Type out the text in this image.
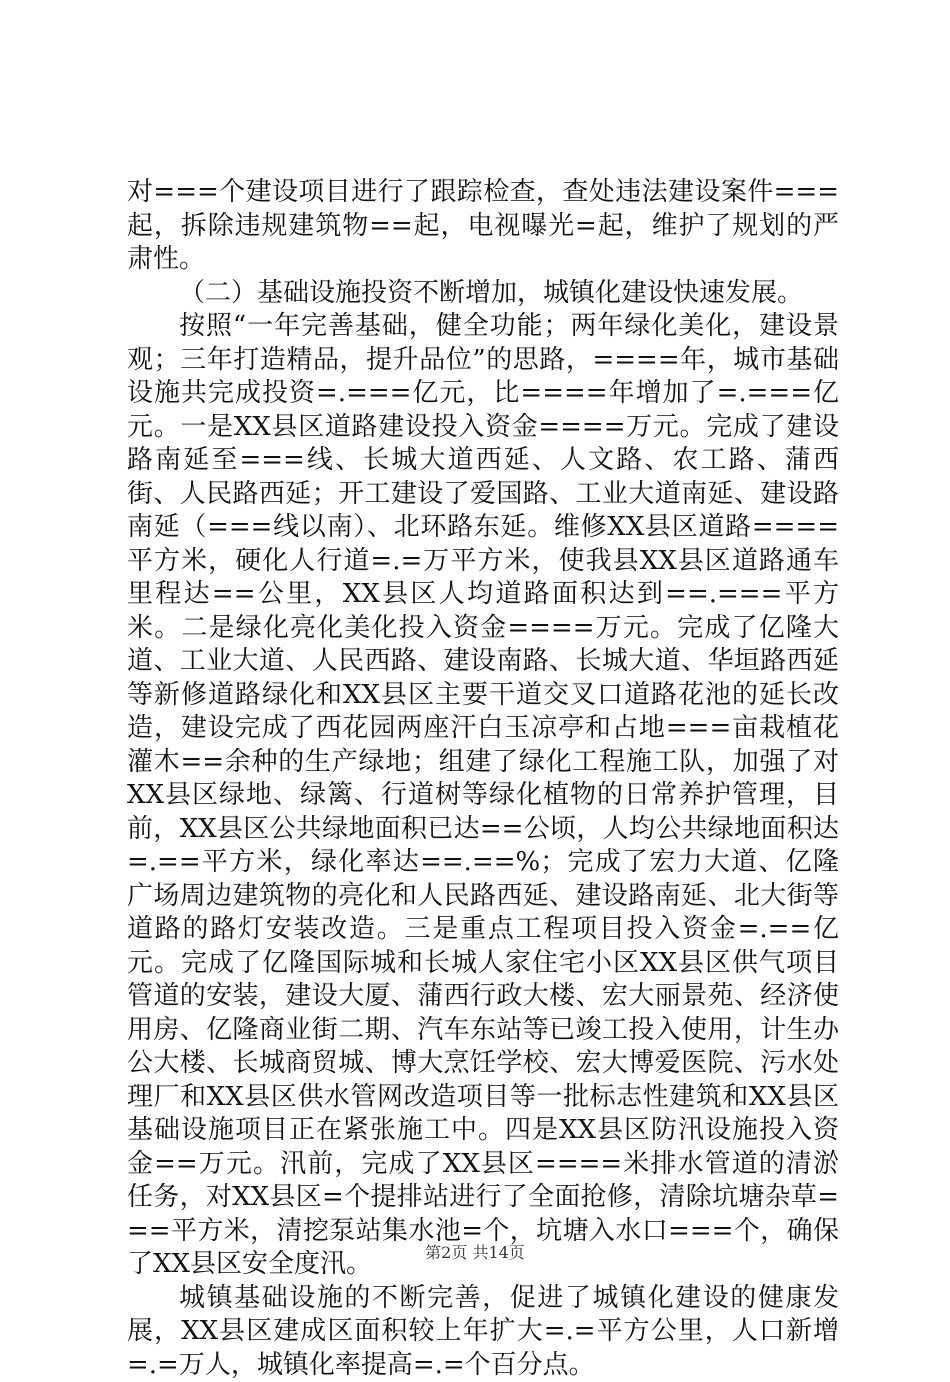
对===个建设项目进行了跟踪检查，查处违法建设案件===起，拆除违规建筑物==起，电视曝光=起，维护了规划的严肃性。

（二）基础设施投资不断增加，城镇化建设快速发展。

按照“一年完善基础，健全功能；两年绿化美化，建设景观；三年打造精品，提升品位”的思路，====年，城市基础设施共完成投资=.===亿元，比====年增加了=.===亿元。一是XX县区道路建设投入资金====万元。完成了建设路南延至===线、长城大道西延、人文路、农工路、蒲西街、人民路西延；开工建设了爱国路、工业大道南延、建设路南延（===线以南）、北环路东延。维修XX县区道路====平方米，硬化人行道=.=万平方米，使我县XX县区道路通车里程达==公里，XX县区人均道路面积达到==.===平方米。二是绿化亮化美化投入资金====万元。完成了亿隆大道、工业大道、人民西路、建设南路、长城大道、华垣路西延等新修道路绿化和XX县区主要干道交叉口道路花池的延长改造，建设完成了西花园两座汗白玉凉亭和占地===亩栽植花灌木==余种的生产绿地；组建了绿化工程施工队，加强了对XX县区绿地、绿篱、行道树等绿化植物的日常养护管理，目前，XX县区公共绿地面积已达==公顷，人均公共绿地面积达=.==平方米，绿化率达==.==%；完成了宏力大道、亿隆广场周边建筑物的亮化和人民路西延、建设路南延、北大街等道路的路灯安装改造。三是重点工程项目投入资金=.==亿元。完成了亿隆国际城和长城人家住宅小区XX县区供气项目管道的安装，建设大厦、蒲西行政大楼、宏大丽景苑、经济使用房、亿隆商业街二期、汽车东站等已竣工投入使用，计生办公大楼、长城商贸城、博大烹饪学校、宏大博爱医院、污水处理厂和XX县区供水管网改造项目等一批标志性建筑和XX县区基础设施项目正在紧张施工中。四是XX县区防汛设施投入资金==万元。汛前，完成了XX县区====米排水管道的清淤任务，对XX县区=个提排站进行了全面抢修，清除坑塘杂草===平方米，清挖泵站集水池=个，坑塘入水口===个，确保了XX县区安全度汛。

城镇基础设施的不断完善，促进了城镇化建设的健康发展，XX县区建成区面积较上年扩大=.=平方公里，人口新增=.=万人，城镇化率提高=.=个百分点。

第2页 共14页
